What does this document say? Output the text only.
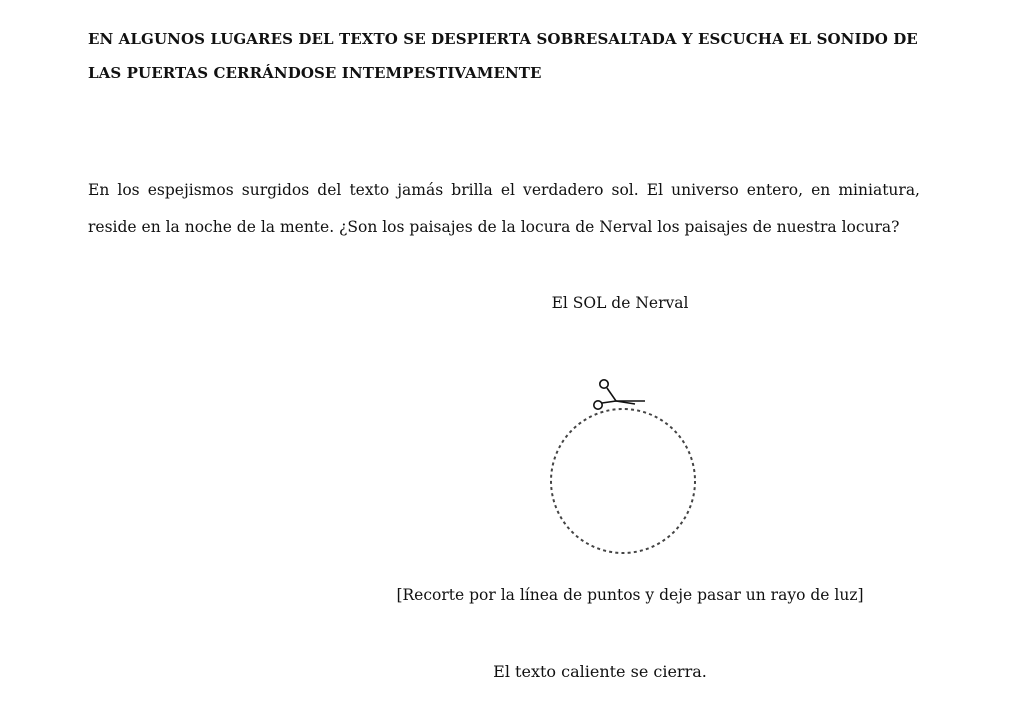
EN ALGUNOS LUGARES DEL TEXTO SE DESPIERTA SOBRESALTADA Y ESCUCHA EL SONIDO DE LAS PUERTAS CERRÁNDOSE INTEMPESTIVAMENTE

En los espejismos surgidos del texto jamás brilla el verdadero sol. El universo entero, en miniatura, reside en la noche de la mente. ¿Son los paisajes de la locura de Nerval los paisajes de nuestra locura?

El SOL de Nerval

[Recorte por la línea de puntos y deje pasar un rayo de luz]

El texto caliente se cierra.
